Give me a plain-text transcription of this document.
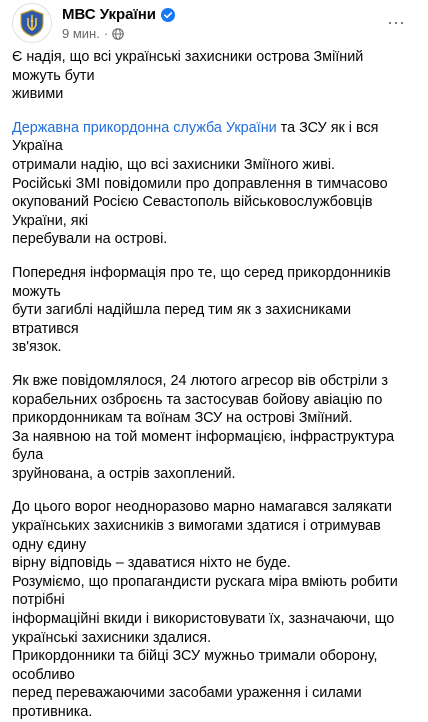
МВС України
9 мин. ·
···

Є надія, що всі українські захисники острова Зміїний можуть бути
живими

Державна прикордонна служба України та ЗСУ як і вся Україна
отримали надію, що всі захисники Зміїного живі.
Російські ЗМІ повідомили про доправлення в тимчасово
окупований Росією Севастополь військовослужбовців України, які
перебували на острові.

Попередня інформація про те, що серед прикордонників можуть
бути загиблі надійшла перед тим як з захисниками втратився
зв'язок.

Як вже повідомлялося, 24 лютого агресор вів обстріли з
корабельних озброєнь та застосував бойову авіацію по
прикордонникам та воїнам ЗСУ на острові Зміїний.
За наявною на той момент інформацією, інфраструктура була
зруйнована, а острів захоплений.

До цього ворог неодноразово марно намагався залякати
українських захисників з вимогами здатися і отримував одну єдину
вірну відповідь – здаватися ніхто не буде.
Розуміємо, що пропагандисти рускага міра вміють робити потрібні
інформаційні вкиди і використовувати їх, зазначаючи, що
українські захисники здалися.
Прикордонники та бійці ЗСУ мужньо тримали оборону, особливо
перед переважаючими засобами ураження і силами противника.
